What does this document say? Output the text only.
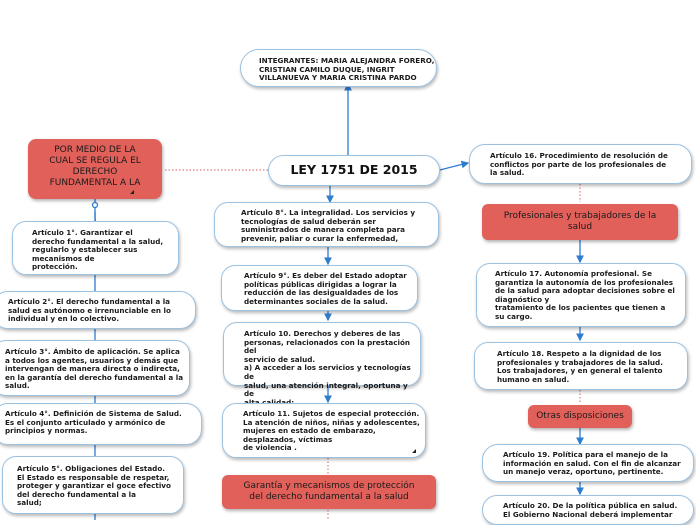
INTEGRANTES: MARIA ALEJANDRA FORERO,
CRISTIAN CAMILO DUQUE, INGRIT
VILLANUEVA Y MARIA CRISTINA PARDO
LEY 1751 DE 2015
POR MEDIO DE LA
CUAL SE REGULA EL
DERECHO
FUNDAMENTAL A LA
Artículo 1°. Garantizar el
derecho fundamental a la salud,
regularlo y establecer sus
mecanismos de
protección.
Artículo 2°. El derecho fundamental a la
salud es autónomo e irrenunciable en lo
individual y en lo colectivo.
Artículo 3°. Ámbito de aplicación. Se aplica
a todos los agentes, usuarios y demás que
intervengan de manera directa o indirecta,
en la garantía del derecho fundamental a la
salud.
Artículo 4°. Definición de Sistema de Salud.
Es el conjunto articulado y armónico de
principios y normas.
Artículo 5°. Obligaciones del Estado.
El Estado es responsable de respetar,
proteger y garantizar el goce efectivo
del derecho fundamental a la
salud;
Artículo 8°. La integralidad. Los servicios y
tecnologías de salud deberán ser
suministrados de manera completa para
prevenir, paliar o curar la enfermedad,
Artículo 9°. Es deber del Estado adoptar
políticas públicas dirigidas a lograr la
reducción de las desigualdades de los
determinantes sociales de la salud.
Artículo 10. Derechos y deberes de las
personas, relacionados con la prestación del
servicio de salud.
a) A acceder a los servicios y tecnologías de
salud, una atención integral, oportuna y de

Artículo 11. Sujetos de especial protección.
La atención de niños, niñas y adolescentes,
mujeres en estado de embarazo,
desplazados, víctimas
de violencia .
Garantía y mecanismos de protección
del derecho fundamental a la salud
Artículo 16. Procedimiento de resolución de
conflictos por parte de los profesionales de
la salud.
Profesionales y trabajadores de la
salud
Artículo 17. Autonomía profesional. Se
garantiza la autonomía de los profesionales
de la salud para adoptar decisiones sobre el
diagnóstico y
tratamiento de los pacientes que tienen a
su cargo.
Artículo 18. Respeto a la dignidad de los
profesionales y trabajadores de la salud.
Los trabajadores, y en general el talento
humano en salud.
Otras disposiciones
Artículo 19. Política para el manejo de la
información en salud. Con el fin de alcanzar
un manejo veraz, oportuno, pertinente.
Artículo 20. De la política pública en salud.
El Gobierno Nacional deberá implementar
